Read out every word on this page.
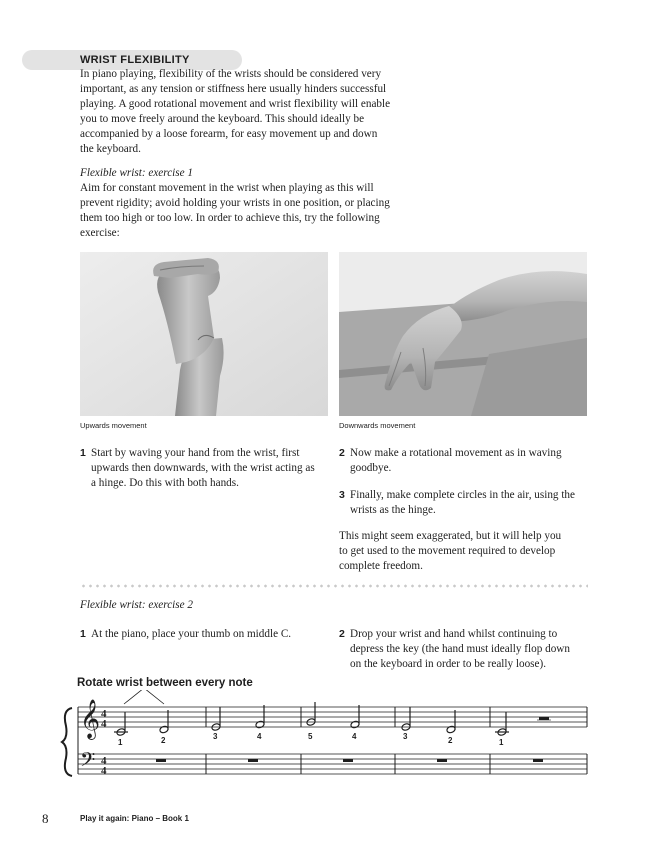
WRIST FLEXIBILITY

In piano playing, flexibility of the wrists should be considered very

important, as any tension or stiffness here usually hinders successful

playing. A good rotational movement and wrist flexibility will enable

you to move freely around the keyboard. This should ideally be

accompanied by a loose forearm, for easy movement up and down

the keyboard.

Flexible wrist: exercise 1

Aim for constant movement in the wrist when playing as this will

prevent rigidity; avoid holding your wrists in one position, or placing

them too high or too low. In order to achieve this, try the following

exercise:

Upwards movement	Downwards movement
1 Start by waving your hand from the wrist, first
upwards then downwards, with the wrist acting as
a hinge. Do this with both hands.
2 Now make a rotational movement as in waving
goodbye.
3 Finally, make complete circles in the air, using the
wrists as the hinge.

This might seem exaggerated, but it will help you

to get used to the movement required to develop

complete freedom.

Flexible wrist: exercise 2

1 At the piano, place your thumb on middle C.	2 Drop your wrist and hand whilst continuing to
depress the key (the hand must ideally flop down
on the keyboard in order to be really loose).
Rotate wrist between every note
𝄞
𝄢
4
4
4
4
1	2	3	4	5	4	3	2	1
8	Play it again: Piano – Book 1
